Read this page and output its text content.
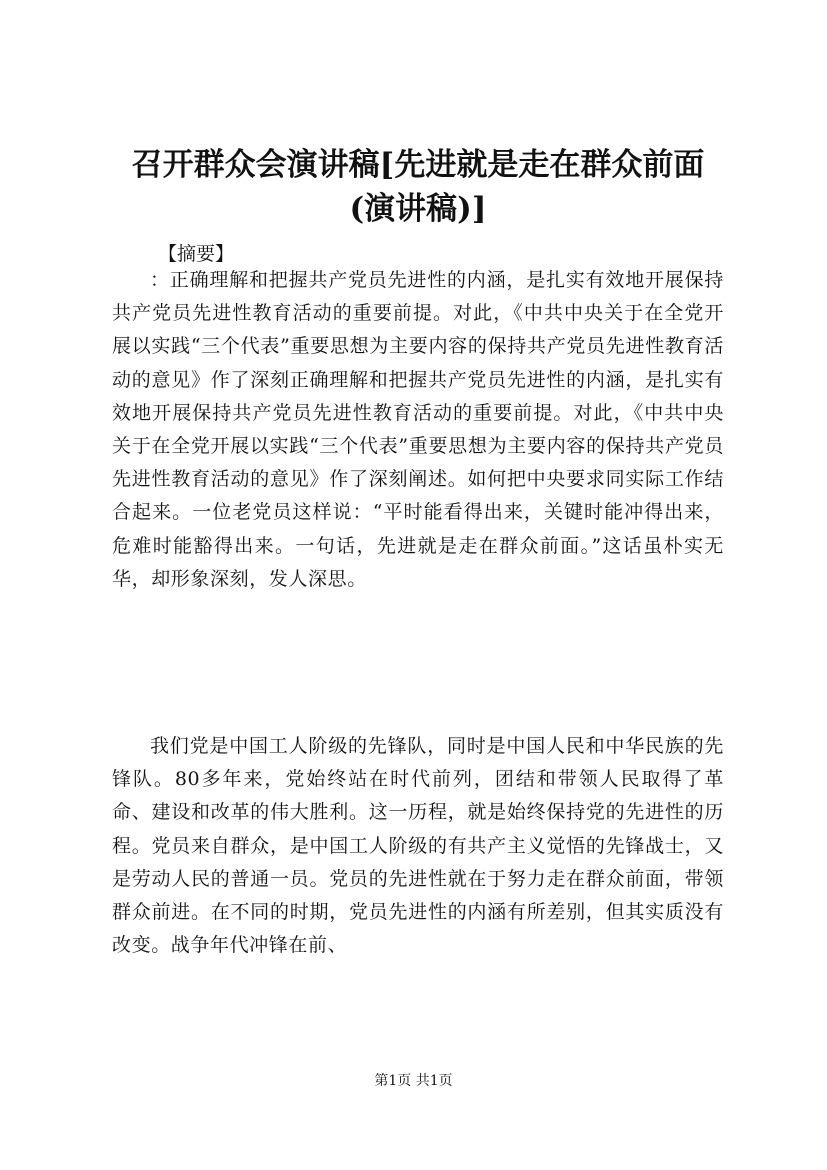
召开群众会演讲稿[先进就是走在群众前面(演讲稿)]
【摘要】

：正确理解和把握共产党员先进性的内涵，是扎实有效地开展保持共产党员先进性教育活动的重要前提。对此，《中共中央关于在全党开展以实践“三个代表”重要思想为主要内容的保持共产党员先进性教育活动的意见》作了深刻正确理解和把握共产党员先进性的内涵，是扎实有效地开展保持共产党员先进性教育活动的重要前提。对此，《中共中央关于在全党开展以实践“三个代表”重要思想为主要内容的保持共产党员先进性教育活动的意见》作了深刻阐述。如何把中央要求同实际工作结合起来。一位老党员这样说：“平时能看得出来，关键时能冲得出来，危难时能豁得出来。一句话，先进就是走在群众前面。”这话虽朴实无华，却形象深刻，发人深思。

我们党是中国工人阶级的先锋队，同时是中国人民和中华民族的先锋队。80多年来，党始终站在时代前列，团结和带领人民取得了革命、建设和改革的伟大胜利。这一历程，就是始终保持党的先进性的历程。党员来自群众，是中国工人阶级的有共产主义觉悟的先锋战士，又是劳动人民的普通一员。党员的先进性就在于努力走在群众前面，带领群众前进。在不同的时期，党员先进性的内涵有所差别，但其实质没有改变。战争年代冲锋在前、

第1页 共1页
